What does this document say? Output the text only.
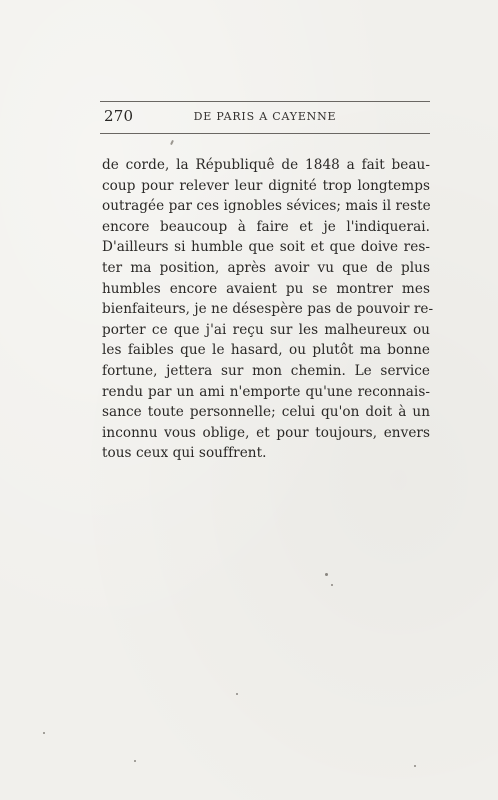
270	DE PARIS A CAYENNE
de corde, la Républiquê de 1848 a fait beau-
coup pour relever leur dignité trop longtemps
outragée par ces ignobles sévices; mais il reste
encore beaucoup à faire et je l'indiquerai.
D'ailleurs si humble que soit et que doive res-
ter ma position, après avoir vu que de plus
humbles encore avaient pu se montrer mes
bienfaiteurs, je ne désespère pas de pouvoir re-
porter ce que j'ai reçu sur les malheureux ou
les faibles que le hasard, ou plutôt ma bonne
fortune, jettera sur mon chemin. Le service
rendu par un ami n'emporte qu'une reconnais-
sance toute personnelle; celui qu'on doit à un
inconnu vous oblige, et pour toujours, envers
tous ceux qui souffrent.
